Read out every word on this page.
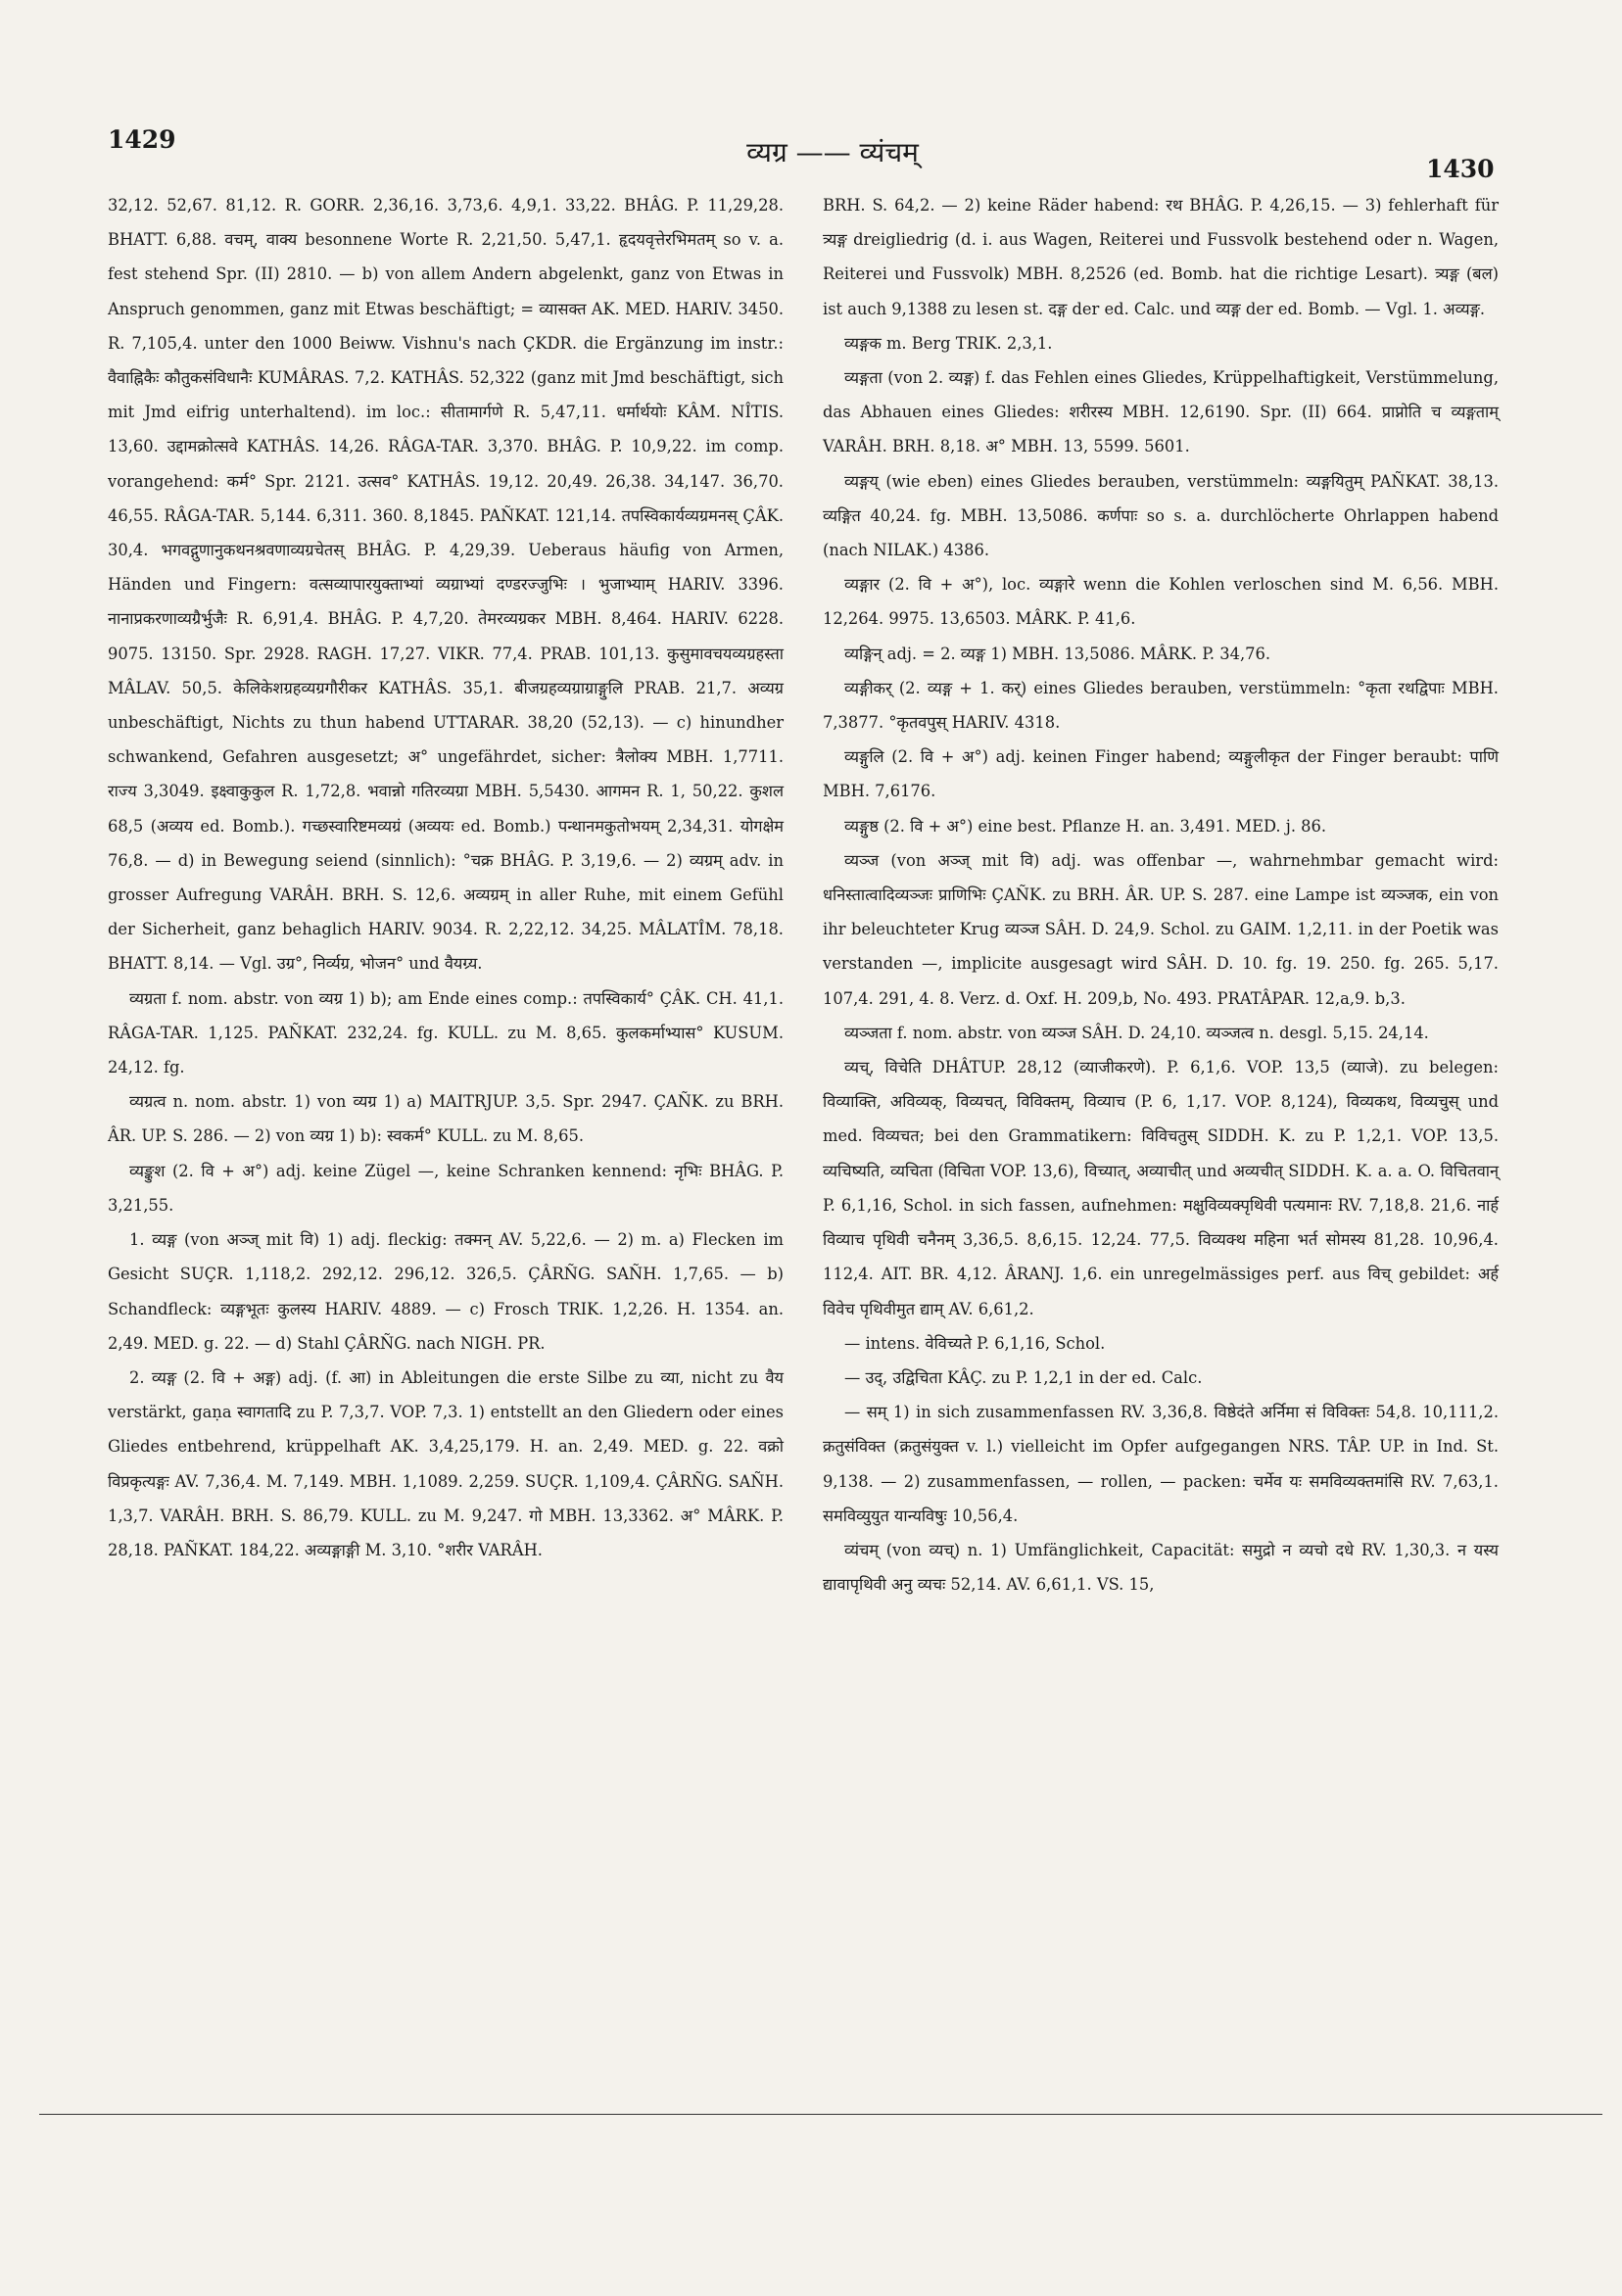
1429	व्यग्र —— व्यंचम्
1430

32,12. 52,67. 81,12. R. GORR. 2,36,16. 3,73,6. 4,9,1. 33,22. BHÂG. P. 11,29,28. BHATT. 6,88. वचम्, वाक्य besonnene Worte R. 2,21,50. 5,47,1. हृदयवृत्तेरभिमतम् so v. a. fest stehend Spr. (II) 2810. — b) von allem Andern abgelenkt, ganz von Etwas in Anspruch genommen, ganz mit Etwas beschäftigt; = व्यासक्त AK. MED. HARIV. 3450. R. 7,105,4. unter den 1000 Beiww. Vishnu's nach ÇKDR. die Ergänzung im instr.: वैवाह्निकैः कौतुकसंविधानैः KUMÂRAS. 7,2. KATHÂS. 52,322 (ganz mit Jmd beschäftigt, sich mit Jmd eifrig unterhaltend). im loc.: सीतामार्गणे R. 5,47,11. धर्मार्थयोः KÂM. NÎTIS. 13,60. उद्दामक्रोत्सवे KATHÂS. 14,26. RÂGA-TAR. 3,370. BHÂG. P. 10,9,22. im comp. vorangehend: कर्म° Spr. 2121. उत्सव° KATHÂS. 19,12. 20,49. 26,38. 34,147. 36,70. 46,55. RÂGA-TAR. 5,144. 6,311. 360. 8,1845. PAÑKAT. 121,14. तपस्विकार्यव्यग्रमनस् ÇÂK. 30,4. भगवद्गुणानुकथनश्रवणाव्यग्रचेतस् BHÂG. P. 4,29,39. Ueberaus häufig von Armen, Händen und Fingern: वत्सव्यापारयुक्ताभ्यां व्यग्राभ्यां दण्डरज्जुभिः । भुजाभ्याम् HARIV. 3396. नानाप्रकरणाव्यग्रैर्भुजैः R. 6,91,4. BHÂG. P. 4,7,20. तेमरव्यग्रकर MBH. 8,464. HARIV. 6228. 9075. 13150. Spr. 2928. RAGH. 17,27. VIKR. 77,4. PRAB. 101,13. कुसुमावचयव्यग्रहस्ता MÂLAV. 50,5. केलिकेशग्रहव्यग्रगौरीकर KATHÂS. 35,1. बीजग्रहव्यग्राग्राङ्गुलि PRAB. 21,7. अव्यग्र unbeschäftigt, Nichts zu thun habend UTTARAR. 38,20 (52,13). — c) hinundher schwankend, Gefahren ausgesetzt; अ° ungefährdet, sicher: त्रैलोक्य MBH. 1,7711. राज्य 3,3049. इक्ष्वाकुकुल R. 1,72,8. भवान्नो गतिरव्यग्रा MBH. 5,5430. आगमन R. 1, 50,22. कुशल 68,5 (अव्यय ed. Bomb.). गच्छस्वारिष्टमव्यग्रं (अव्ययः ed. Bomb.) पन्थानमकुतोभयम् 2,34,31. योगक्षेम 76,8. — d) in Bewegung seiend (sinnlich): °चक्र BHÂG. P. 3,19,6. — 2) व्यग्रम् adv. in grosser Aufregung VARÂH. BRH. S. 12,6. अव्यग्रम् in aller Ruhe, mit einem Gefühl der Sicherheit, ganz behaglich HARIV. 9034. R. 2,22,12. 34,25. MÂLATÎM. 78,18. BHATT. 8,14. — Vgl. उग्र°, निर्व्यग्र, भोजन° und वैयग्र्य.

व्यग्रता f. nom. abstr. von व्यग्र 1) b); am Ende eines comp.: तपस्विकार्य° ÇÂK. CH. 41,1. RÂGA-TAR. 1,125. PAÑKAT. 232,24. fg. KULL. zu M. 8,65. कुलकर्माभ्यास° KUSUM. 24,12. fg.

व्यग्रत्व n. nom. abstr. 1) von व्यग्र 1) a) MAITRJUP. 3,5. Spr. 2947. ÇAÑK. zu BRH. ÂR. UP. S. 286. — 2) von व्यग्र 1) b): स्वकर्म° KULL. zu M. 8,65.

व्यङ्कुश (2. वि + अ°) adj. keine Zügel —, keine Schranken kennend: नृभिः BHÂG. P. 3,21,55.

1. व्यङ्ग (von अञ्ज् mit वि) 1) adj. fleckig: तक्मन् AV. 5,22,6. — 2) m. a) Flecken im Gesicht SUÇR. 1,118,2. 292,12. 296,12. 326,5. ÇÂRÑG. SAÑH. 1,7,65. — b) Schandfleck: व्यङ्गभूतः कुलस्य HARIV. 4889. — c) Frosch TRIK. 1,2,26. H. 1354. an. 2,49. MED. g. 22. — d) Stahl ÇÂRÑG. nach NIGH. PR.

2. व्यङ्ग (2. वि + अङ्ग) adj. (f. आ) in Ableitungen die erste Silbe zu व्या, nicht zu वैय verstärkt, gaṇa स्वागतादि zu P. 7,3,7. VOP. 7,3. 1) entstellt an den Gliedern oder eines Gliedes entbehrend, krüppelhaft AK. 3,4,25,179. H. an. 2,49. MED. g. 22. वक्रो विप्रकृत्यङ्गः AV. 7,36,4. M. 7,149. MBH. 1,1089. 2,259. SUÇR. 1,109,4. ÇÂRÑG. SAÑH. 1,3,7. VARÂH. BRH. S. 86,79. KULL. zu M. 9,247. गो MBH. 13,3362. अ° MÂRK. P. 28,18. PAÑKAT. 184,22. अव्यङ्गाङ्गी M. 3,10. °शरीर VARÂH.

BRH. S. 64,2. — 2) keine Räder habend: रथ BHÂG. P. 4,26,15. — 3) fehlerhaft für त्र्यङ्ग dreigliedrig (d. i. aus Wagen, Reiterei und Fussvolk bestehend oder n. Wagen, Reiterei und Fussvolk) MBH. 8,2526 (ed. Bomb. hat die richtige Lesart). त्र्यङ्ग (बल) ist auch 9,1388 zu lesen st. दङ्ग der ed. Calc. und व्यङ्ग der ed. Bomb. — Vgl. 1. अव्यङ्ग.

व्यङ्गक m. Berg TRIK. 2,3,1.

व्यङ्गता (von 2. व्यङ्ग) f. das Fehlen eines Gliedes, Krüppelhaftigkeit, Verstümmelung, das Abhauen eines Gliedes: शरीरस्य MBH. 12,6190. Spr. (II) 664. प्राप्नोति च व्यङ्गताम् VARÂH. BRH. 8,18. अ° MBH. 13, 5599. 5601.

व्यङ्गय् (wie eben) eines Gliedes berauben, verstümmeln: व्यङ्गयितुम् PAÑKAT. 38,13. व्यङ्गित 40,24. fg. MBH. 13,5086. कर्णपाः so s. a. durchlöcherte Ohrlappen habend (nach NILAK.) 4386.

व्यङ्गार (2. वि + अ°), loc. व्यङ्गारे wenn die Kohlen verloschen sind M. 6,56. MBH. 12,264. 9975. 13,6503. MÂRK. P. 41,6.

व्यङ्गिन् adj. = 2. व्यङ्ग 1) MBH. 13,5086. MÂRK. P. 34,76.

व्यङ्गीकर् (2. व्यङ्ग + 1. कर्) eines Gliedes berauben, verstümmeln: °कृता रथद्विपाः MBH. 7,3877. °कृतवपुस् HARIV. 4318.

व्यङ्गुलि (2. वि + अ°) adj. keinen Finger habend; व्यङ्गुलीकृत der Finger beraubt: पाणि MBH. 7,6176.

व्यङ्गुष्ठ (2. वि + अ°) eine best. Pflanze H. an. 3,491. MED. j. 86.

व्यञ्ज (von अञ्ज् mit वि) adj. was offenbar —, wahrnehmbar gemacht wird: धनिस्तात्वादिव्यञ्जः प्राणिभिः ÇAÑK. zu BRH. ÂR. UP. S. 287. eine Lampe ist व्यञ्जक, ein von ihr beleuchteter Krug व्यञ्ज SÂH. D. 24,9. Schol. zu GAIM. 1,2,11. in der Poetik was verstanden —, implicite ausgesagt wird SÂH. D. 10. fg. 19. 250. fg. 265. 5,17. 107,4. 291, 4. 8. Verz. d. Oxf. H. 209,b, No. 493. PRATÂPAR. 12,a,9. b,3.

व्यञ्जता f. nom. abstr. von व्यञ्ज SÂH. D. 24,10. व्यञ्जत्व n. desgl. 5,15. 24,14.

व्यच्, विचेति DHÂTUP. 28,12 (व्याजीकरणे). P. 6,1,6. VOP. 13,5 (व्याजे). zu belegen: विव्याक्ति, अविव्यक्, विव्यचत्, विविक्तम्, विव्याच (P. 6, 1,17. VOP. 8,124), विव्यकथ, विव्यचुस् und med. विव्यचत; bei den Grammatikern: विविचतुस् SIDDH. K. zu P. 1,2,1. VOP. 13,5. व्यचिष्यति, व्यचिता (विचिता VOP. 13,6), विच्यात्, अव्याचीत् und अव्यचीत् SIDDH. K. a. a. O. विचितवान् P. 6,1,16, Schol. in sich fassen, aufnehmen: मक्षुविव्यक्पृथिवी पत्यमानः RV. 7,18,8. 21,6. नार्ह विव्याच पृथिवी चनैनम् 3,36,5. 8,6,15. 12,24. 77,5. विव्यक्थ महिना भर्त सोमस्य 81,28. 10,96,4. 112,4. AIT. BR. 4,12. ÂRANJ. 1,6. ein unregelmässiges perf. aus विच् gebildet: अर्ह विवेच पृथिवीमुत द्याम् AV. 6,61,2.

— intens. वेविच्यते P. 6,1,16, Schol.

— उद्, उद्विचिता KÂÇ. zu P. 1,2,1 in der ed. Calc.

— सम् 1) in sich zusammenfassen RV. 3,36,8. विष्ठेदंते अर्निमा सं विविक्तः 54,8. 10,111,2. क्रतुसंविक्त (क्रतुसंयुक्त v. l.) vielleicht im Opfer aufgegangen NRS. TÂP. UP. in Ind. St. 9,138. — 2) zusammenfassen, — rollen, — packen: चर्मेव यः समविव्यक्तमांसि RV. 7,63,1. समविव्युयुत यान्यविषुः 10,56,4.

व्यंचम् (von व्यच्) n. 1) Umfänglichkeit, Capacität: समुद्रो न व्यचो दधे RV. 1,30,3. न यस्य द्यावापृथिवी अनु व्यचः 52,14. AV. 6,61,1. VS. 15,
